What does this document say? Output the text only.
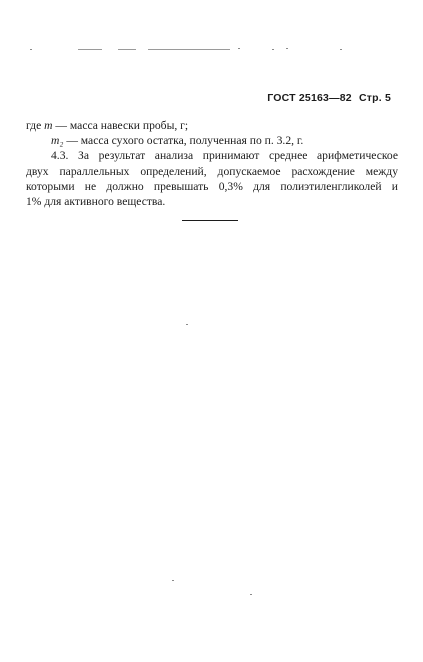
ГОСТ 25163—82 Стр. 5
где m — масса навески пробы, г;
m₂ — масса сухого остатка, полученная по п. 3.2, г.
4.3. За результат анализа принимают среднее арифметическое
двух параллельных определений, допускаемое расхождение между
которыми не должно превышать 0,3% для полиэтиленгликолей и
1% для активного вещества.
